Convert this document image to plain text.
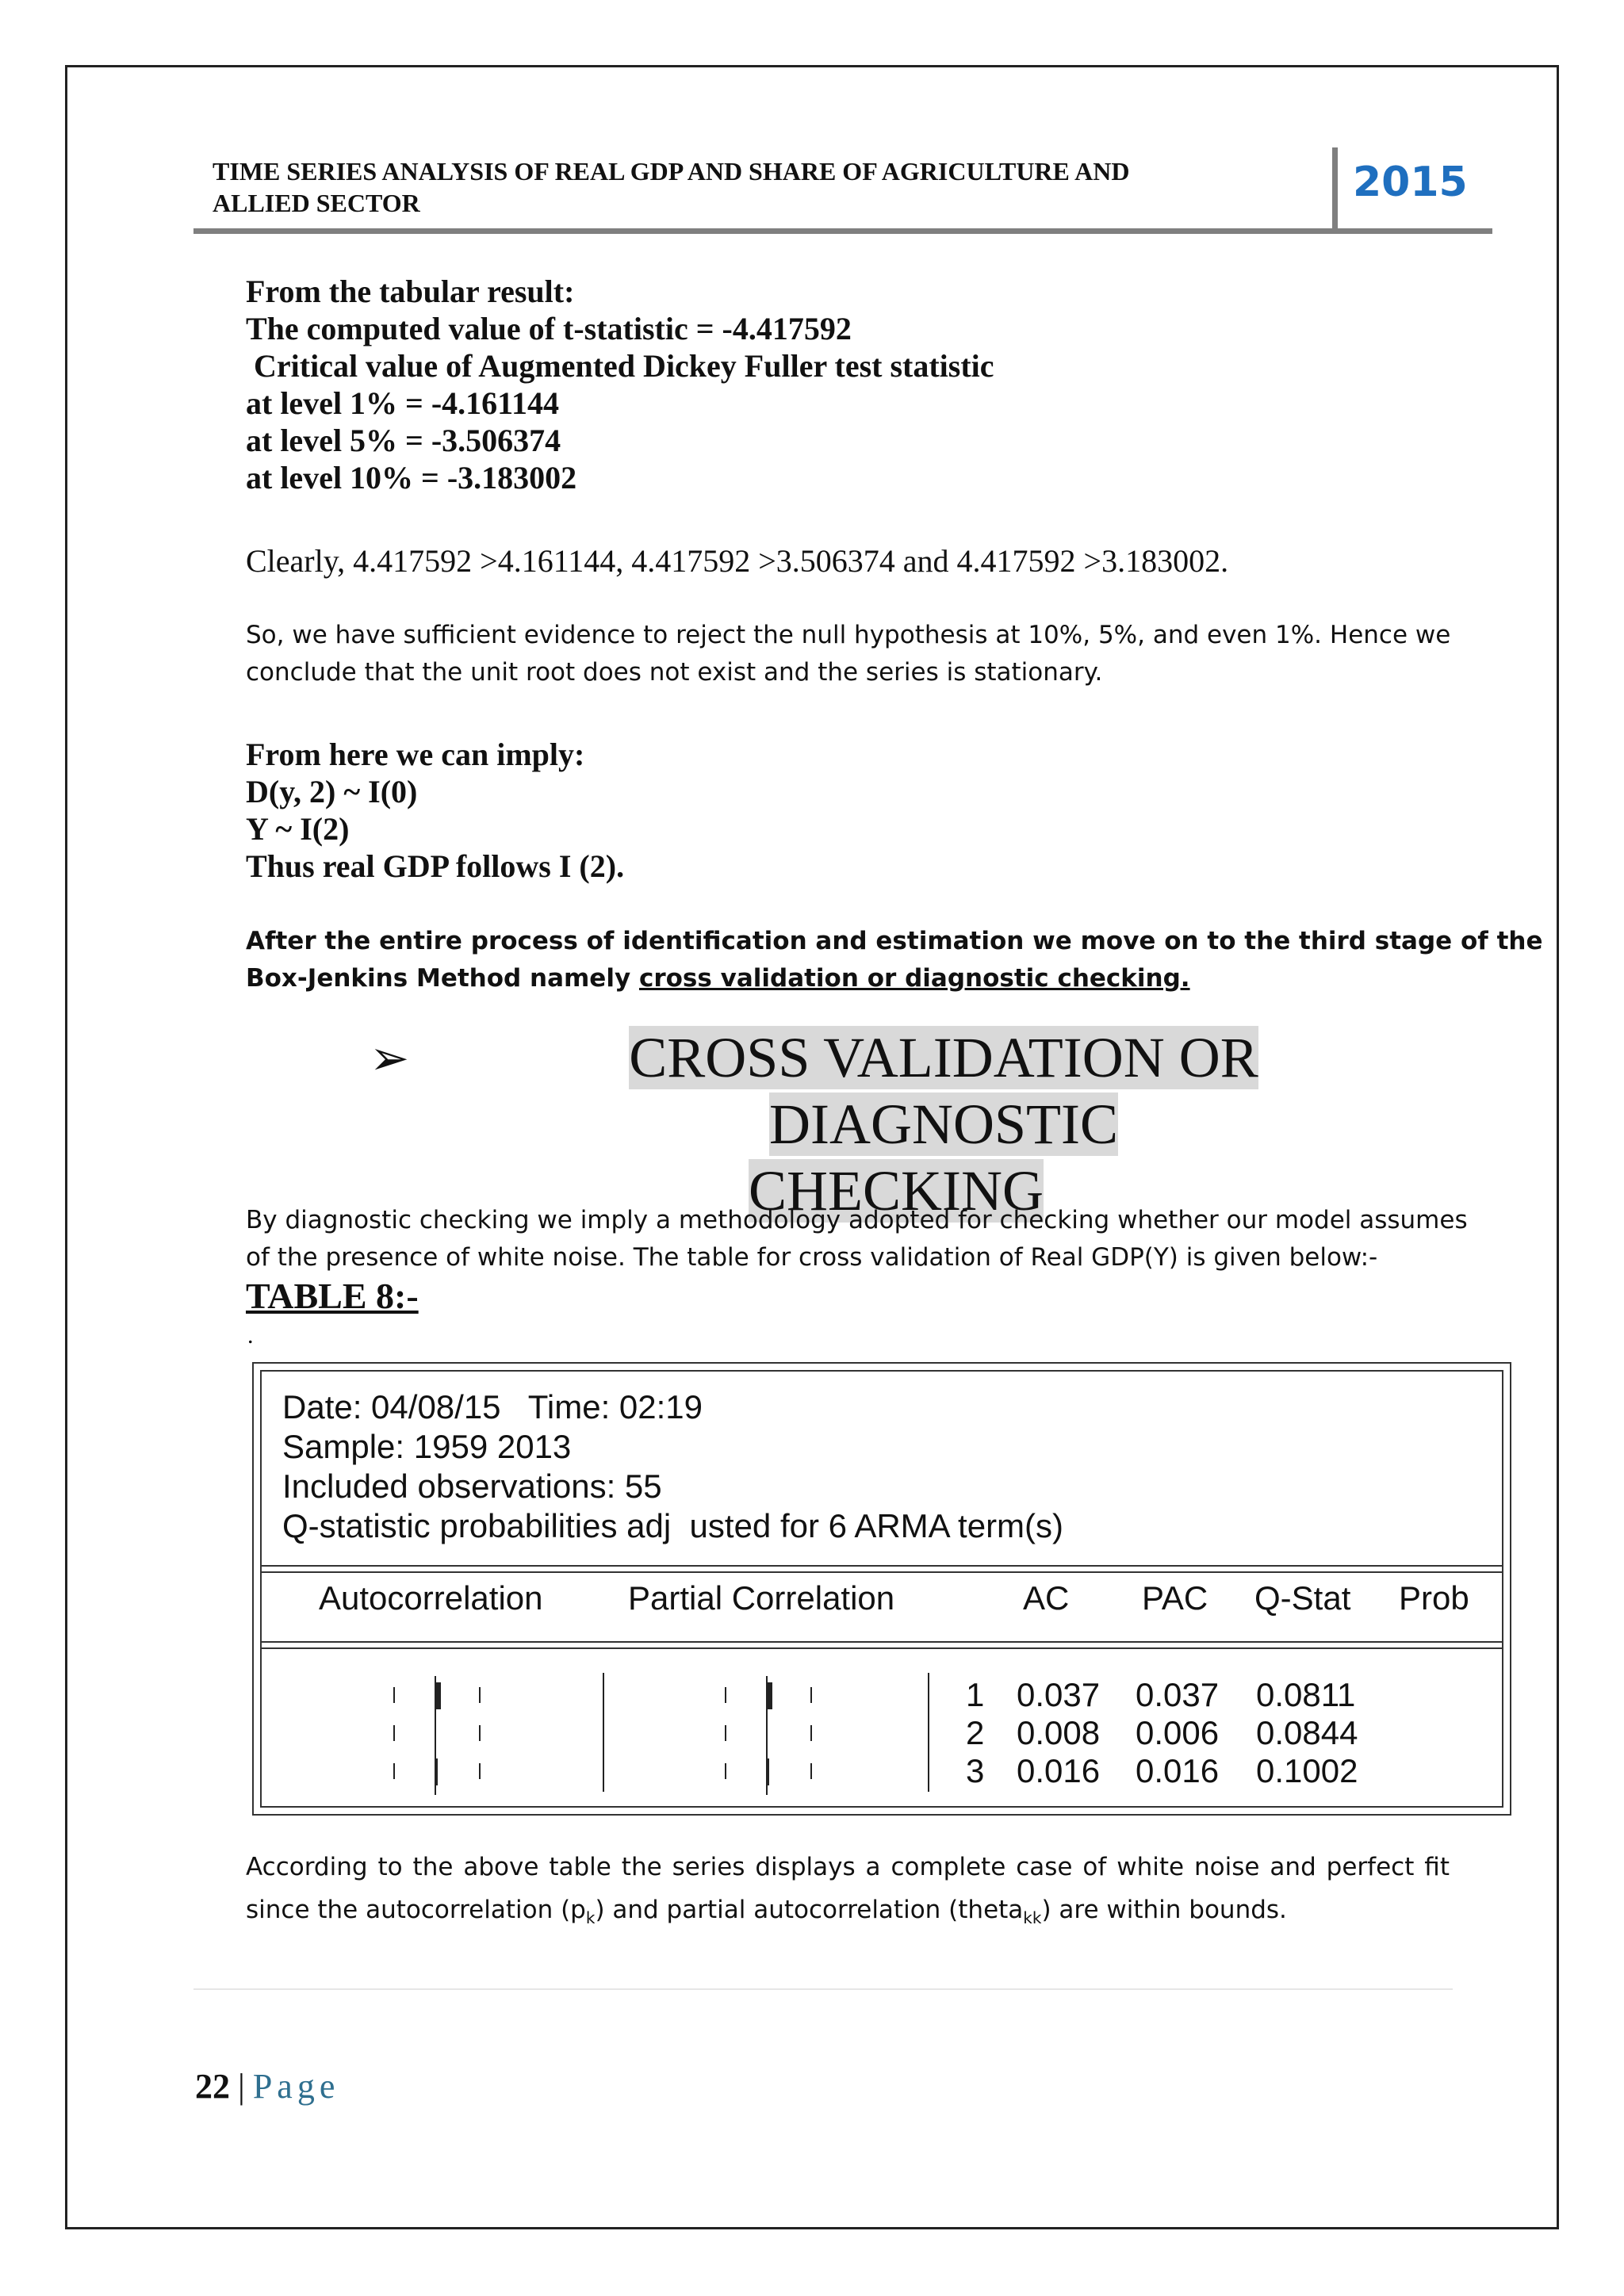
TIME SERIES ANALYSIS OF REAL GDP AND SHARE OF AGRICULTURE AND
ALLIED SECTOR	2015
From the tabular result:
The computed value of t-statistic = -4.417592
Critical value of Augmented Dickey Fuller test statistic
at level 1% = -4.161144
at level 5% = -3.506374
at level 10% = -3.183002
Clearly, 4.417592 >4.161144, 4.417592 >3.506374 and 4.417592 >3.183002.
So, we have sufficient evidence to reject the null hypothesis at 10%, 5%, and even 1%. Hence we
conclude that the unit root does not exist and the series is stationary.
From here we can imply:
D(y, 2) ~ I(0)
Y ~ I(2)
Thus real GDP follows I (2).
After the entire process of identification and estimation we move on to the third stage of the
Box-Jenkins Method namely cross validation or diagnostic checking.
➢	CROSS VALIDATION OR DIAGNOSTIC
CHECKING
By diagnostic checking we imply a methodology adopted for checking whether our model assumes
of the presence of white noise. The table for cross validation of Real GDP(Y) is given below:-
TABLE 8:-
.
Date: 04/08/15   Time: 02:19
Sample: 1959 2013
Included observations: 55
Q-statistic probabilities adj  usted for 6 ARMA term(s)
Autocorrelation	Partial Correlation	AC PAC Q-Stat Prob
1 0.037 0.037 0.0811
2 0.008 0.006 0.0844
3 0.016 0.016 0.1002
According to the above table the series displays a complete case of white noise and perfect fit
since the autocorrelation $(p_k)$ and partial autocorrelation (theta$_{kk}$) are within bounds.
22 | Page
